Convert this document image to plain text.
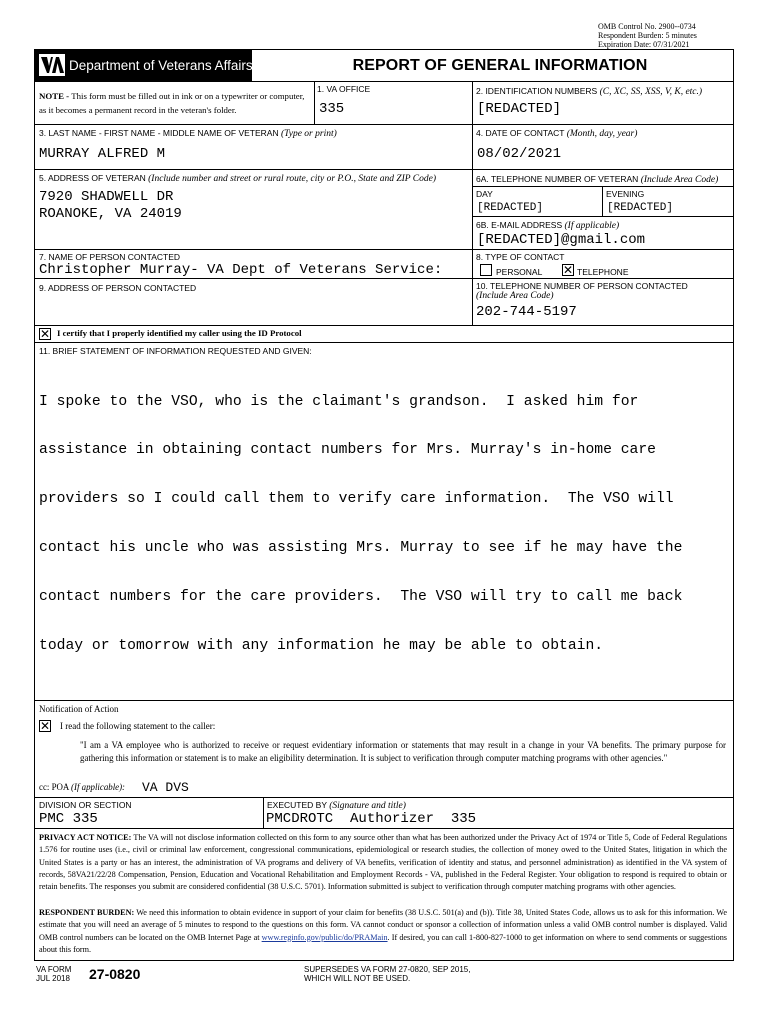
OMB Control No. 2900--0734
Respondent Burden: 5 minutes
Expiration Date: 07/31/2021
Department of Veterans Affairs	REPORT OF GENERAL INFORMATION
NOTE - This form must be filled out in ink or on a typewriter or computer, as it becomes a permanent record in the veteran's folder.
1. VA OFFICE
335
2. IDENTIFICATION NUMBERS (C, XC, SS, XSS, V, K, etc.)
[REDACTED]
3. LAST NAME - FIRST NAME - MIDDLE NAME OF VETERAN (Type or print)
MURRAY ALFRED M
4. DATE OF CONTACT (Month, day, year)
08/02/2021
5. ADDRESS OF VETERAN (Include number and street or rural route, city or P.O., State and ZIP Code)
7920 SHADWELL DR
ROANOKE, VA 24019
6A. TELEPHONE NUMBER OF VETERAN (Include Area Code)
DAY
[REDACTED]
EVENING
[REDACTED]
6B. E-MAIL ADDRESS (If applicable)
[REDACTED]@gmail.com
7. NAME OF PERSON CONTACTED
Christopher Murray- VA Dept of Veterans Service:
8. TYPE OF CONTACT
PERSONAL ✕ TELEPHONE
9. ADDRESS OF PERSON CONTACTED	10. TELEPHONE NUMBER OF PERSON CONTACTED
(Include Area Code)
202-744-5197
✕ I certify that I properly identified my caller using the ID Protocol
11. BRIEF STATEMENT OF INFORMATION REQUESTED AND GIVEN:

I spoke to the VSO, who is the claimant's grandson.  I asked him for

assistance in obtaining contact numbers for Mrs. Murray's in-home care

providers so I could call them to verify care information.  The VSO will

contact his uncle who was assisting Mrs. Murray to see if he may have the

contact numbers for the care providers.  The VSO will try to call me back

today or tomorrow with any information he may be able to obtain.

Notification of Action
✕ I read the following statement to the caller:
"I am a VA employee who is authorized to receive or request evidentiary information or statements that may result in a change in your VA benefits. The primary purpose for gathering this information or statement is to make an eligibility determination. It is subject to verification through computer matching programs with other agencies."
cc: POA (If applicable): VA DVS
DIVISION OR SECTION
PMC 335
EXECUTED BY (Signature and title)
PMCDROTC  Authorizer  335
PRIVACY ACT NOTICE: The VA will not disclose information collected on this form to any source other than what has been authorized under the Privacy Act of 1974 or Title 5, Code of Federal Regulations 1.576 for routine uses (i.e., civil or criminal law enforcement, congressional communications, epidemiological or research studies, the collection of money owed to the United States, litigation in which the United States is a party or has an interest, the administration of VA programs and delivery of VA benefits, verification of identity and status, and personnel administration) as identified in the VA system of records, 58VA21/22/28 Compensation, Pension, Education and Vocational Rehabilitation and Employment Records - VA, published in the Federal Register. Your obligation to respond is required to obtain or retain benefits. The responses you submit are considered confidential (38 U.S.C. 5701). Information submitted is subject to verification through computer matching programs with other agencies.
RESPONDENT BURDEN: We need this information to obtain evidence in support of your claim for benefits (38 U.S.C. 501(a) and (b)). Title 38, United States Code, allows us to ask for this information. We estimate that you will need an average of 5 minutes to respond to the questions on this form. VA cannot conduct or sponsor a collection of information unless a valid OMB control number is displayed. Valid OMB control numbers can be located on the OMB Internet Page at www.reginfo.gov/public/do/PRAMain. If desired, you can call 1-800-827-1000 to get information on where to send comments or suggestions about this form.
VA FORM
JUL 2018 27-0820	SUPERSEDES VA FORM 27-0820, SEP 2015,
WHICH WILL NOT BE USED.
